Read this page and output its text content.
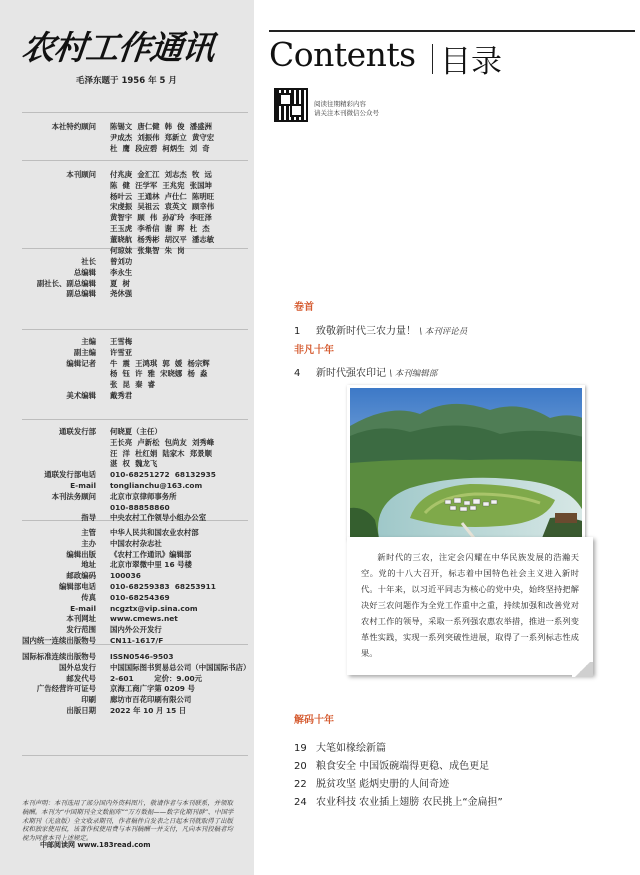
农村工作通讯
毛泽东题于 1956 年 5 月
本社特约顾问 陈锡文  唐仁健  韩  俊  潘盛洲
尹成杰  刘振伟  郑新立  黄守宏
杜  鹰  段应碧  柯炳生  刘  奇
本刊顾问 付兆庚  金汇江  刘志杰  牧  远
陈  健  汪学军  王兆宪  张国坤
杨叶云  王通林  卢仕仁  陈明旺
宋虔振  吴祖云  袁英文  顾幸伟
黄智宇  顾  伟  孙矿玲  李旺泽
王玉虎  李希信  谢  晖  杜  杰
董晓航  杨秀彬  胡汉平  潘志敏
何琼妹  张集智  朱  岗
社长 曾刘功
总编辑 李永生
副社长、副总编辑 夏  树
副总编辑 尧休强
主编 王雪梅
副主编 许雪亚
编辑记者 牛  震  王鸿琪  郭  媛  杨宗辉
杨  钰  许  雅  宋晓娜  杨  淼
张  昆  秦  睿
美术编辑 戴秀君
通联发行部 何晓夏（主任）
王长亮  卢新松  包尚友  刘秀峰
汪  洋  杜红娟  陆家木  郑景顺
湛  权  魏龙飞
通联发行部电话 010-68251272  68132935
E-mail tonglianchu@163.com
本刊法务顾问 北京市京律师事务所
010-88858860
指导 中央农村工作领导小组办公室
主管 中华人民共和国农业农村部
主办 中国农村杂志社
编辑出版 《农村工作通讯》编辑部
地址 北京市翠微中里 16 号楼
邮政编码 100036
编辑部电话 010-68259383  68253911
传真 010-68254369
E-mail ncgztx@vip.sina.com
本刊网址 www.cmews.net
发行范围 国内外公开发行
国内统一连续出版物号 CN11-1617/F
国际标准连续出版物号 ISSN0546-9503
国外总发行 中国国际图书贸易总公司（中国国际书店）
邮发代号 2-601        定价：9.00元
广告经营许可证号 京海工商广字第 0209 号
印刷 廊坊市百花印刷有限公司
出版日期 2022 年 10 月 15 日
本刊声明：本刊选用了部分国内外资料图片，敬请作者与本刊联系，并领取稿酬。本刊为“中国期刊全文数据库”“万方数据——数字化期刊群”、中国学术期刊（光盘版）全文收录期刊，作者稿件自发表之日起本刊就取得了出版权和独家使用权，该著作权使用费与本刊稿酬一并支付，凡向本刊投稿者均视为同意本刊上述规定。
中邮阅读网 www.183read.com
Contents 目录
阅读往期精彩内容
请关注本刊微信公众号
卷首
1 致敬新时代三农力量！ \ 本刊评论员
非凡十年
4 新时代强农印记 \ 本刊编辑部
新时代的三农，注定会闪耀在中华民族发展的浩瀚天空。党的十八大召开，标志着中国特色社会主义进入新时代。十年来，以习近平同志为核心的党中央，始终坚持把解决好三农问题作为全党工作重中之重，持续加强和改善党对农村工作的领导，采取一系列强农惠农举措，推进一系列变革性实践，实现一系列突破性进展，取得了一系列标志性成果。
解码十年
19 大笔如椽绘新篇
20 粮食安全 中国饭碗端得更稳、成色更足
22 脱贫攻坚 彪炳史册的人间奇迹
24 农业科技 农业插上翅膀 农民挑上“金扁担”
